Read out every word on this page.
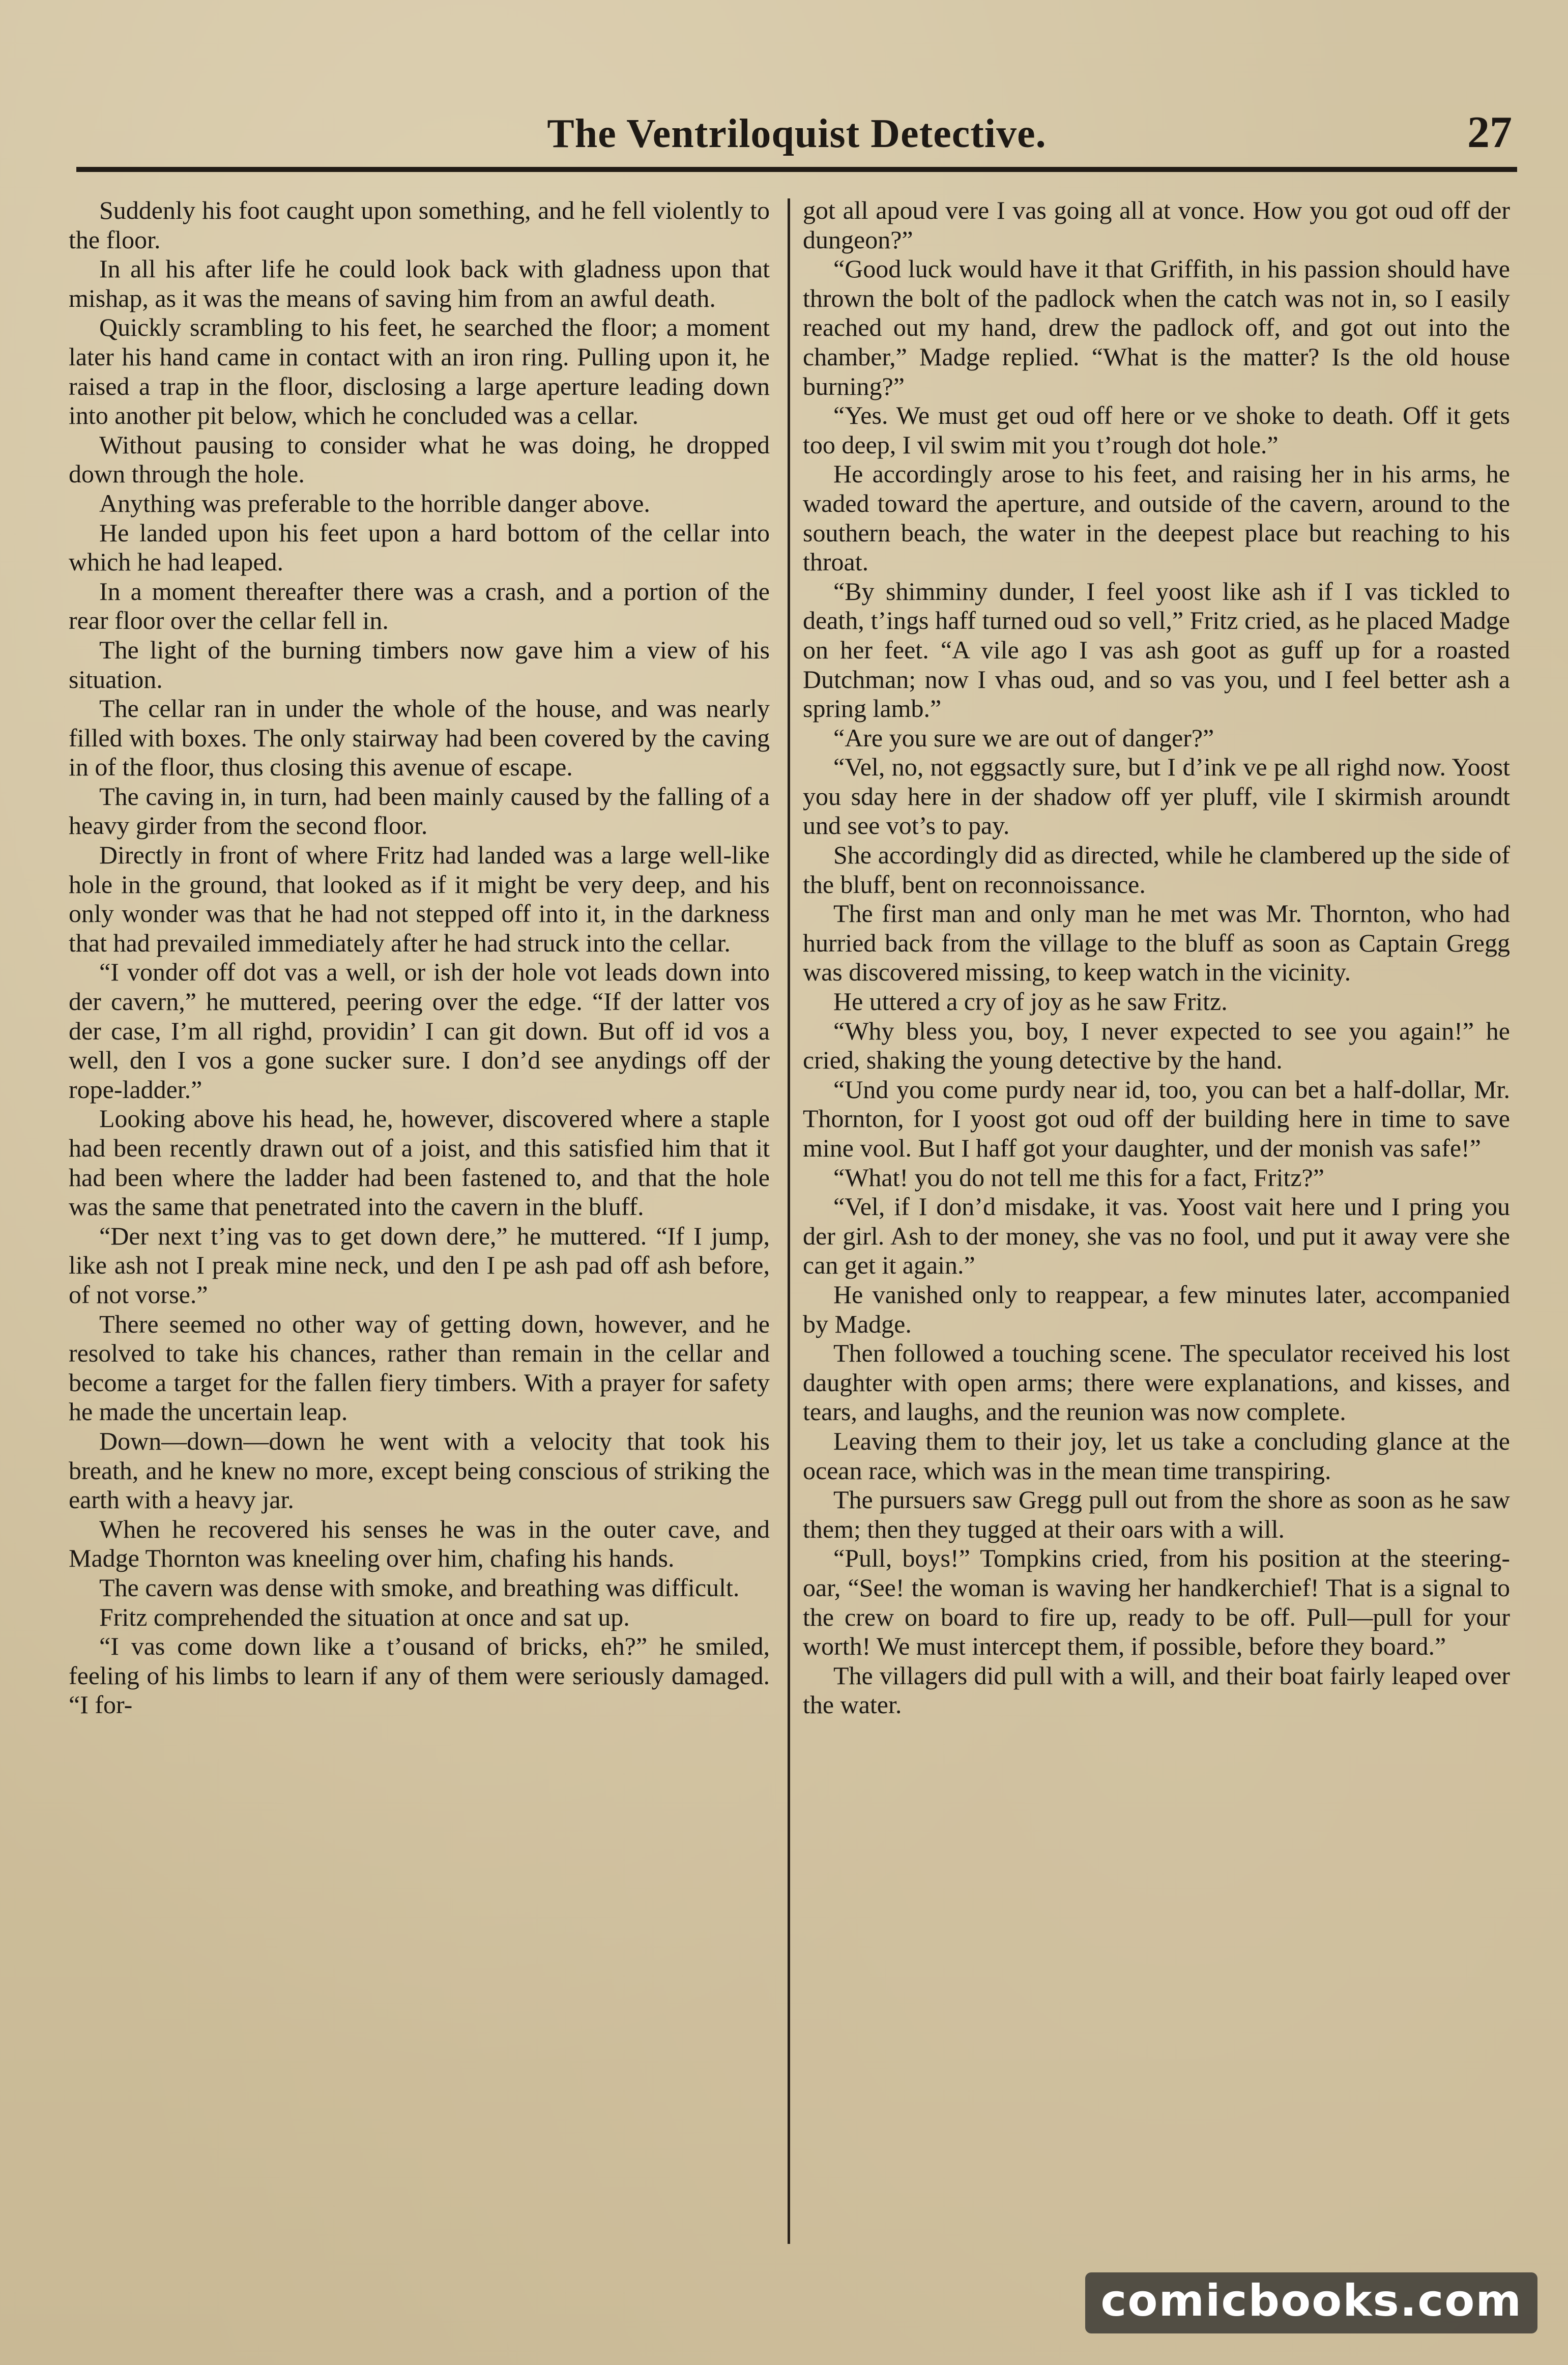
The Ventriloquist Detective.	27

Suddenly his foot caught upon something, and he fell violently to the floor.

In all his after life he could look back with gladness upon that mishap, as it was the means of saving him from an awful death.

Quickly scrambling to his feet, he searched the floor; a moment later his hand came in contact with an iron ring. Pulling upon it, he raised a trap in the floor, disclosing a large aperture leading down into another pit below, which he concluded was a cellar.

Without pausing to consider what he was doing, he dropped down through the hole.

Anything was preferable to the horrible danger above.

He landed upon his feet upon a hard bottom of the cellar into which he had leaped.

In a moment thereafter there was a crash, and a portion of the rear floor over the cellar fell in.

The light of the burning timbers now gave him a view of his situation.

The cellar ran in under the whole of the house, and was nearly filled with boxes. The only stairway had been covered by the caving in of the floor, thus closing this avenue of escape.

The caving in, in turn, had been mainly caused by the falling of a heavy girder from the second floor.

Directly in front of where Fritz had landed was a large well-like hole in the ground, that looked as if it might be very deep, and his only wonder was that he had not stepped off into it, in the darkness that had prevailed immediately after he had struck into the cellar.

“I vonder off dot vas a well, or ish der hole vot leads down into der cavern,” he muttered, peering over the edge. “If der latter vos der case, I’m all righd, providin’ I can git down. But off id vos a well, den I vos a gone sucker sure. I don’d see anydings off der rope-ladder.”

Looking above his head, he, however, discovered where a staple had been recently drawn out of a joist, and this satisfied him that it had been where the ladder had been fastened to, and that the hole was the same that penetrated into the cavern in the bluff.

“Der next t’ing vas to get down dere,” he muttered. “If I jump, like ash not I preak mine neck, und den I pe ash pad off ash before, of not vorse.”

There seemed no other way of getting down, however, and he resolved to take his chances, rather than remain in the cellar and become a target for the fallen fiery timbers. With a prayer for safety he made the uncertain leap.

Down—down—down he went with a velocity that took his breath, and he knew no more, except being conscious of striking the earth with a heavy jar.

When he recovered his senses he was in the outer cave, and Madge Thornton was kneeling over him, chafing his hands.

The cavern was dense with smoke, and breathing was difficult.

Fritz comprehended the situation at once and sat up.

“I vas come down like a t’ousand of bricks, eh?” he smiled, feeling of his limbs to learn if any of them were seriously damaged. “I for-

got all apoud vere I vas going all at vonce. How you got oud off der dungeon?”

“Good luck would have it that Griffith, in his passion should have thrown the bolt of the padlock when the catch was not in, so I easily reached out my hand, drew the padlock off, and got out into the chamber,” Madge replied. “What is the matter? Is the old house burning?”

“Yes. We must get oud off here or ve shoke to death. Off it gets too deep, I vil swim mit you t’rough dot hole.”

He accordingly arose to his feet, and raising her in his arms, he waded toward the aperture, and outside of the cavern, around to the southern beach, the water in the deepest place but reaching to his throat.

“By shimminy dunder, I feel yoost like ash if I vas tickled to death, t’ings haff turned oud so vell,” Fritz cried, as he placed Madge on her feet. “A vile ago I vas ash goot as guff up for a roasted Dutchman; now I vhas oud, and so vas you, und I feel better ash a spring lamb.”

“Are you sure we are out of danger?”

“Vel, no, not eggsactly sure, but I d’ink ve pe all righd now. Yoost you sday here in der shadow off yer pluff, vile I skirmish aroundt und see vot’s to pay.

She accordingly did as directed, while he clambered up the side of the bluff, bent on reconnoissance.

The first man and only man he met was Mr. Thornton, who had hurried back from the village to the bluff as soon as Captain Gregg was discovered missing, to keep watch in the vicinity.

He uttered a cry of joy as he saw Fritz.

“Why bless you, boy, I never expected to see you again!” he cried, shaking the young detective by the hand.

“Und you come purdy near id, too, you can bet a half-dollar, Mr. Thornton, for I yoost got oud off der building here in time to save mine vool. But I haff got your daughter, und der monish vas safe!”

“What! you do not tell me this for a fact, Fritz?”

“Vel, if I don’d misdake, it vas. Yoost vait here und I pring you der girl. Ash to der money, she vas no fool, und put it away vere she can get it again.”

He vanished only to reappear, a few minutes later, accompanied by Madge.

Then followed a touching scene. The speculator received his lost daughter with open arms; there were explanations, and kisses, and tears, and laughs, and the reunion was now complete.

Leaving them to their joy, let us take a concluding glance at the ocean race, which was in the mean time transpiring.

The pursuers saw Gregg pull out from the shore as soon as he saw them; then they tugged at their oars with a will.

“Pull, boys!” Tompkins cried, from his position at the steering-oar, “See! the woman is waving her handkerchief! That is a signal to the crew on board to fire up, ready to be off. Pull—pull for your worth! We must intercept them, if possible, before they board.”

The villagers did pull with a will, and their boat fairly leaped over the water.

comicbooks.com
